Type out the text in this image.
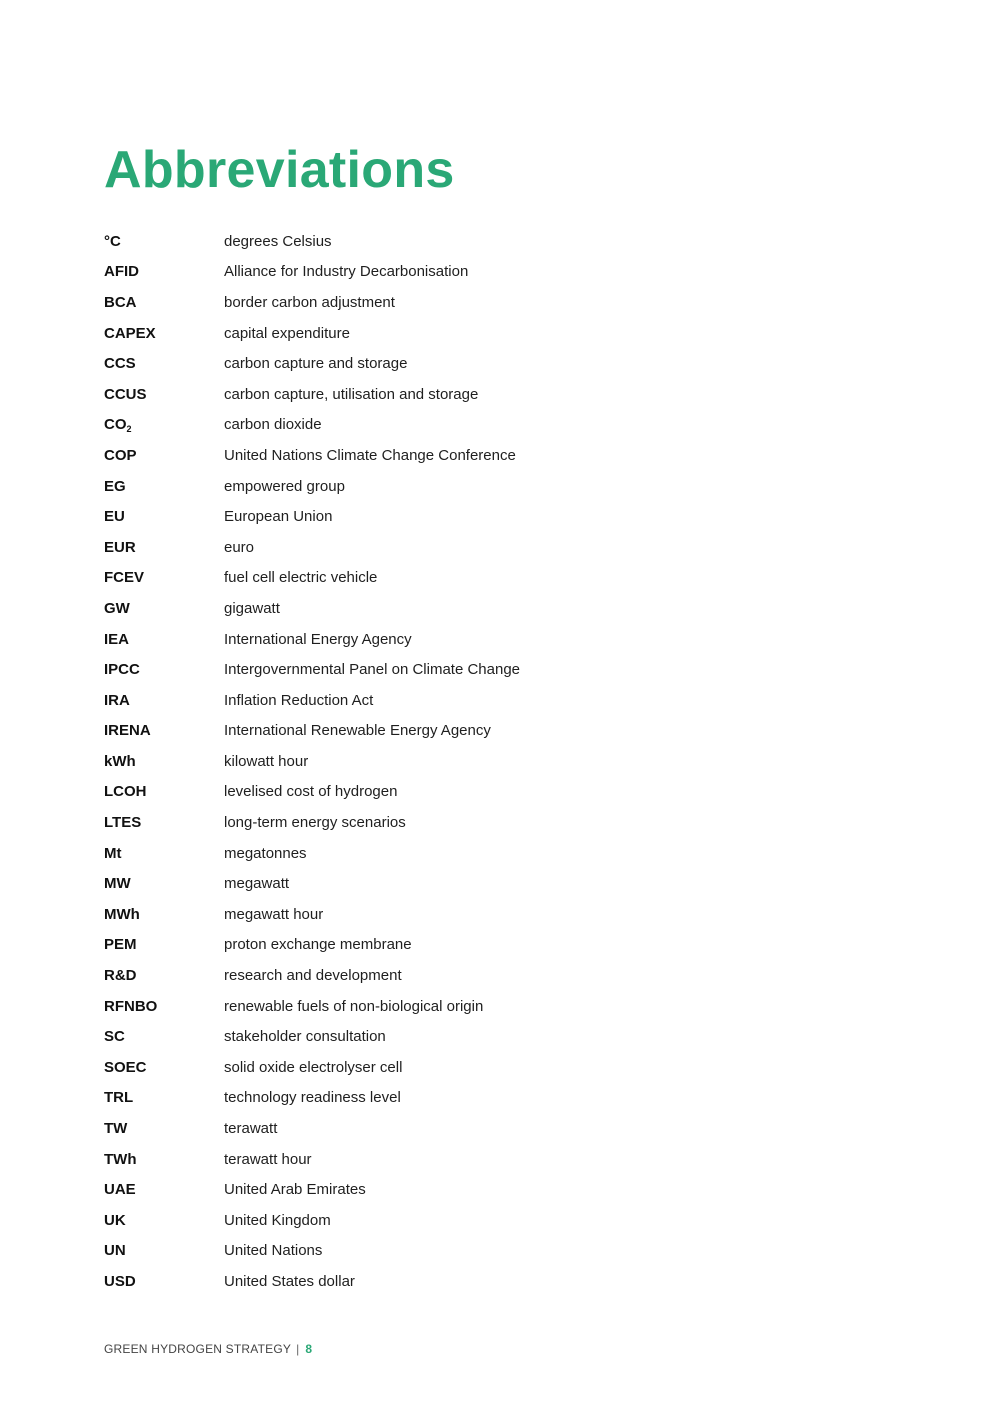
Abbreviations
°C	degrees Celsius
AFID	Alliance for Industry Decarbonisation
BCA	border carbon adjustment
CAPEX	capital expenditure
CCS	carbon capture and storage
CCUS	carbon capture, utilisation and storage
$CO_2$	carbon dioxide
COP	United Nations Climate Change Conference
EG	empowered group
EU	European Union
EUR	euro
FCEV	fuel cell electric vehicle
GW	gigawatt
IEA	International Energy Agency
IPCC	Intergovernmental Panel on Climate Change
IRA	Inflation Reduction Act
IRENA	International Renewable Energy Agency
kWh	kilowatt hour
LCOH	levelised cost of hydrogen
LTES	long-term energy scenarios
Mt	megatonnes
MW	megawatt
MWh	megawatt hour
PEM	proton exchange membrane
R&D	research and development
RFNBO	renewable fuels of non-biological origin
SC	stakeholder consultation
SOEC	solid oxide electrolyser cell
TRL	technology readiness level
TW	terawatt
TWh	terawatt hour
UAE	United Arab Emirates
UK	United Kingdom
UN	United Nations
USD	United States dollar
GREEN HYDROGEN STRATEGY | 8
